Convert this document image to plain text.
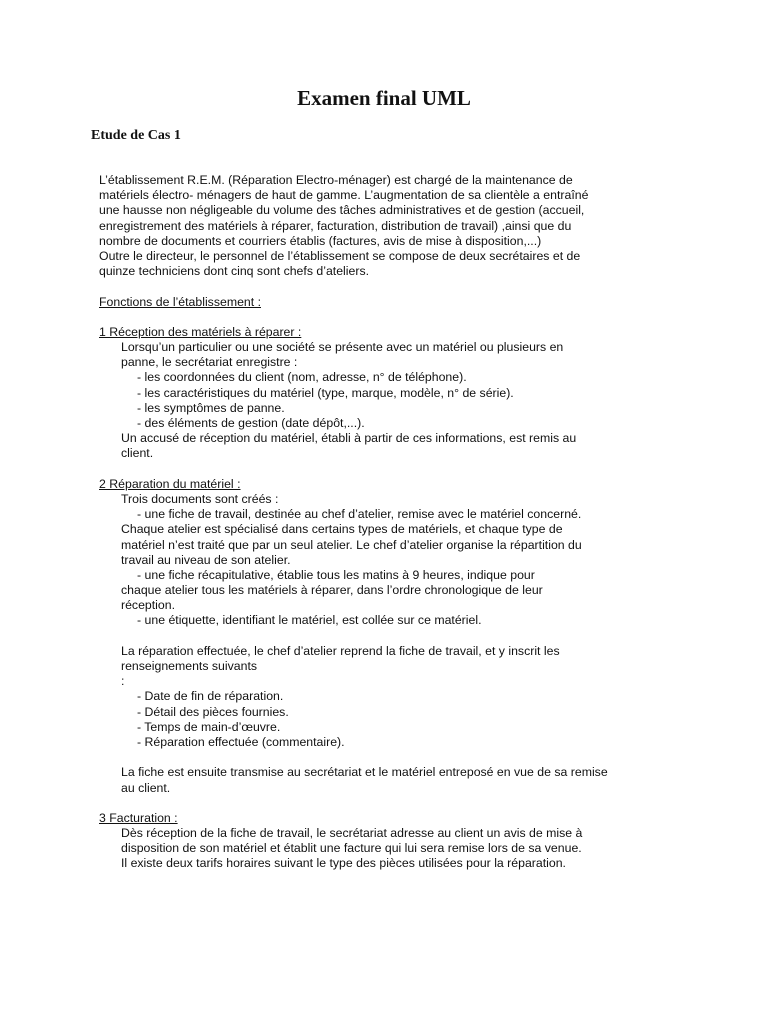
Examen final UML
Etude de Cas 1
L’établissement R.E.M. (Réparation Electro-ménager) est chargé de la maintenance de
matériels électro- ménagers de haut de gamme. L’augmentation de sa clientèle a entraîné
une hausse non négligeable du volume des tâches administratives et de gestion (accueil,
enregistrement des matériels à réparer, facturation, distribution de travail) ,ainsi que du
nombre de documents et courriers établis (factures, avis de mise à disposition,...)
Outre le directeur, le personnel de l’établissement se compose de deux secrétaires et de
quinze techniciens dont cinq sont chefs d’ateliers.
Fonctions de l’établissement :
1 Réception des matériels à réparer :
Lorsqu’un particulier ou une société se présente avec un matériel ou plusieurs en
panne, le secrétariat enregistre :
- les coordonnées du client (nom, adresse, n° de téléphone).
- les caractéristiques du matériel (type, marque, modèle, n° de série).
- les symptômes de panne.
- des éléments de gestion (date dépôt,...).
Un accusé de réception du matériel, établi à partir de ces informations, est remis au
client.
2 Réparation du matériel :
Trois documents sont créés :
- une fiche de travail, destinée au chef d’atelier, remise avec le matériel concerné.
Chaque atelier est spécialisé dans certains types de matériels, et chaque type de
matériel n’est traité que par un seul atelier. Le chef d’atelier organise la répartition du
travail au niveau de son atelier.
- une fiche récapitulative, établie tous les matins à 9 heures, indique pour
chaque atelier tous les matériels à réparer, dans l’ordre chronologique de leur
réception.
- une étiquette, identifiant le matériel, est collée sur ce matériel.
La réparation effectuée, le chef d’atelier reprend la fiche de travail, et y inscrit les
renseignements suivants
:
- Date de fin de réparation.
- Détail des pièces fournies.
- Temps de main-d’œuvre.
- Réparation effectuée (commentaire).
La fiche est ensuite transmise au secrétariat et le matériel entreposé en vue de sa remise
au client.
3 Facturation :
Dès réception de la fiche de travail, le secrétariat adresse au client un avis de mise à
disposition de son matériel et établit une facture qui lui sera remise lors de sa venue.
Il existe deux tarifs horaires suivant le type des pièces utilisées pour la réparation.
